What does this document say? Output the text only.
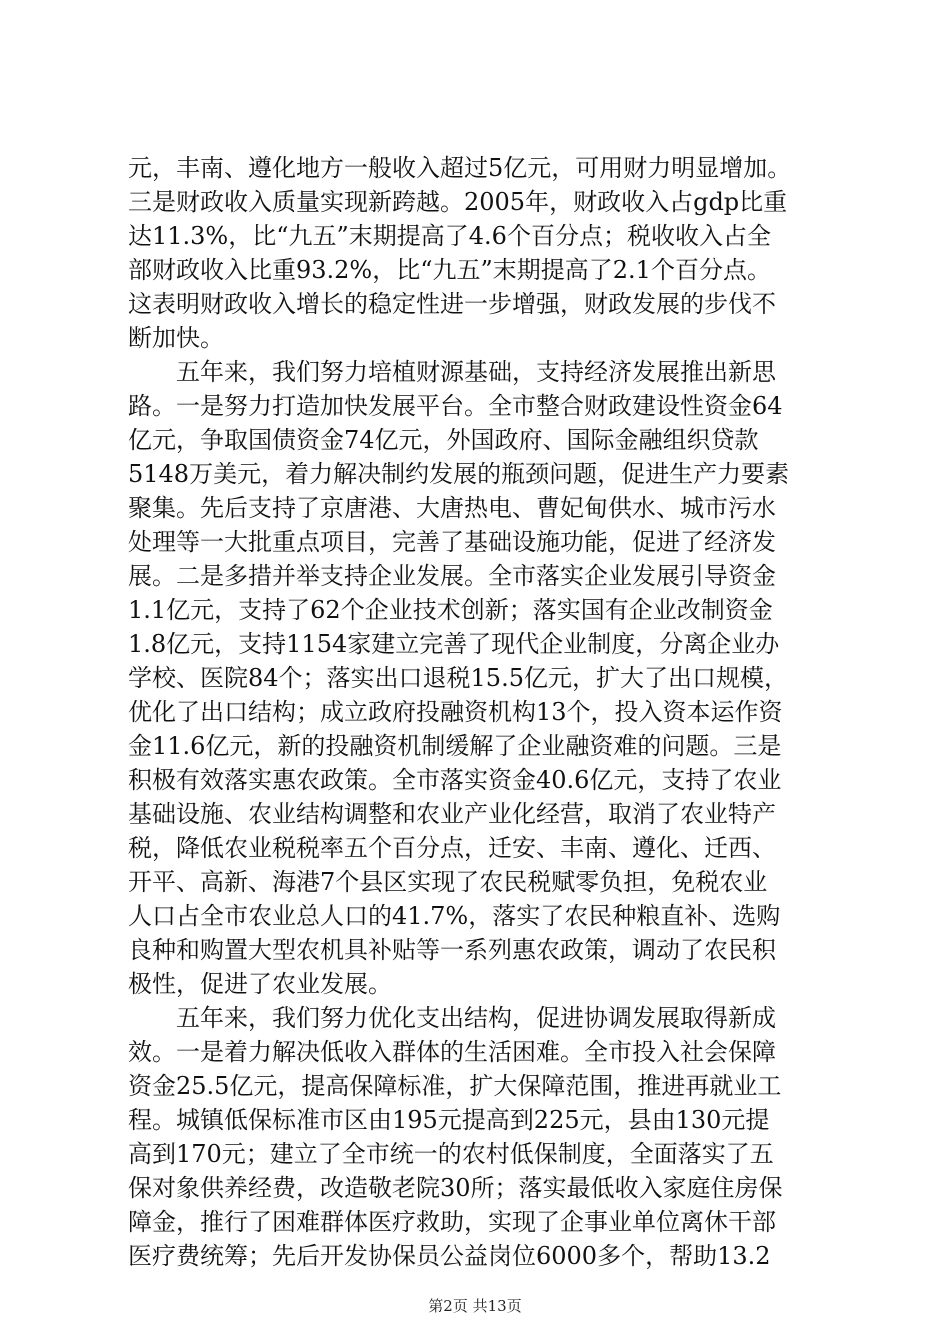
元，丰南、遵化地方一般收入超过5亿元，可用财力明显增加。
三是财政收入质量实现新跨越。2005年，财政收入占gdp比重
达11.3%，比“九五”末期提高了4.6个百分点；税收收入占全
部财政收入比重93.2%，比“九五”末期提高了2.1个百分点。
这表明财政收入增长的稳定性进一步增强，财政发展的步伐不
断加快。
　　五年来，我们努力培植财源基础，支持经济发展推出新思
路。一是努力打造加快发展平台。全市整合财政建设性资金64
亿元，争取国债资金74亿元，外国政府、国际金融组织贷款
5148万美元，着力解决制约发展的瓶颈问题，促进生产力要素
聚集。先后支持了京唐港、大唐热电、曹妃甸供水、城市污水
处理等一大批重点项目，完善了基础设施功能，促进了经济发
展。二是多措并举支持企业发展。全市落实企业发展引导资金
1.1亿元，支持了62个企业技术创新；落实国有企业改制资金
1.8亿元，支持1154家建立完善了现代企业制度，分离企业办
学校、医院84个；落实出口退税15.5亿元，扩大了出口规模，
优化了出口结构；成立政府投融资机构13个，投入资本运作资
金11.6亿元，新的投融资机制缓解了企业融资难的问题。三是
积极有效落实惠农政策。全市落实资金40.6亿元，支持了农业
基础设施、农业结构调整和农业产业化经营，取消了农业特产
税，降低农业税税率五个百分点，迁安、丰南、遵化、迁西、
开平、高新、海港7个县区实现了农民税赋零负担，免税农业
人口占全市农业总人口的41.7%，落实了农民种粮直补、选购
良种和购置大型农机具补贴等一系列惠农政策，调动了农民积
极性，促进了农业发展。
　　五年来，我们努力优化支出结构，促进协调发展取得新成
效。一是着力解决低收入群体的生活困难。全市投入社会保障
资金25.5亿元，提高保障标准，扩大保障范围，推进再就业工
程。城镇低保标准市区由195元提高到225元，县由130元提
高到170元；建立了全市统一的农村低保制度，全面落实了五
保对象供养经费，改造敬老院30所；落实最低收入家庭住房保
障金，推行了困难群体医疗救助，实现了企事业单位离休干部
医疗费统筹；先后开发协保员公益岗位6000多个，帮助13.2
第2页 共13页
